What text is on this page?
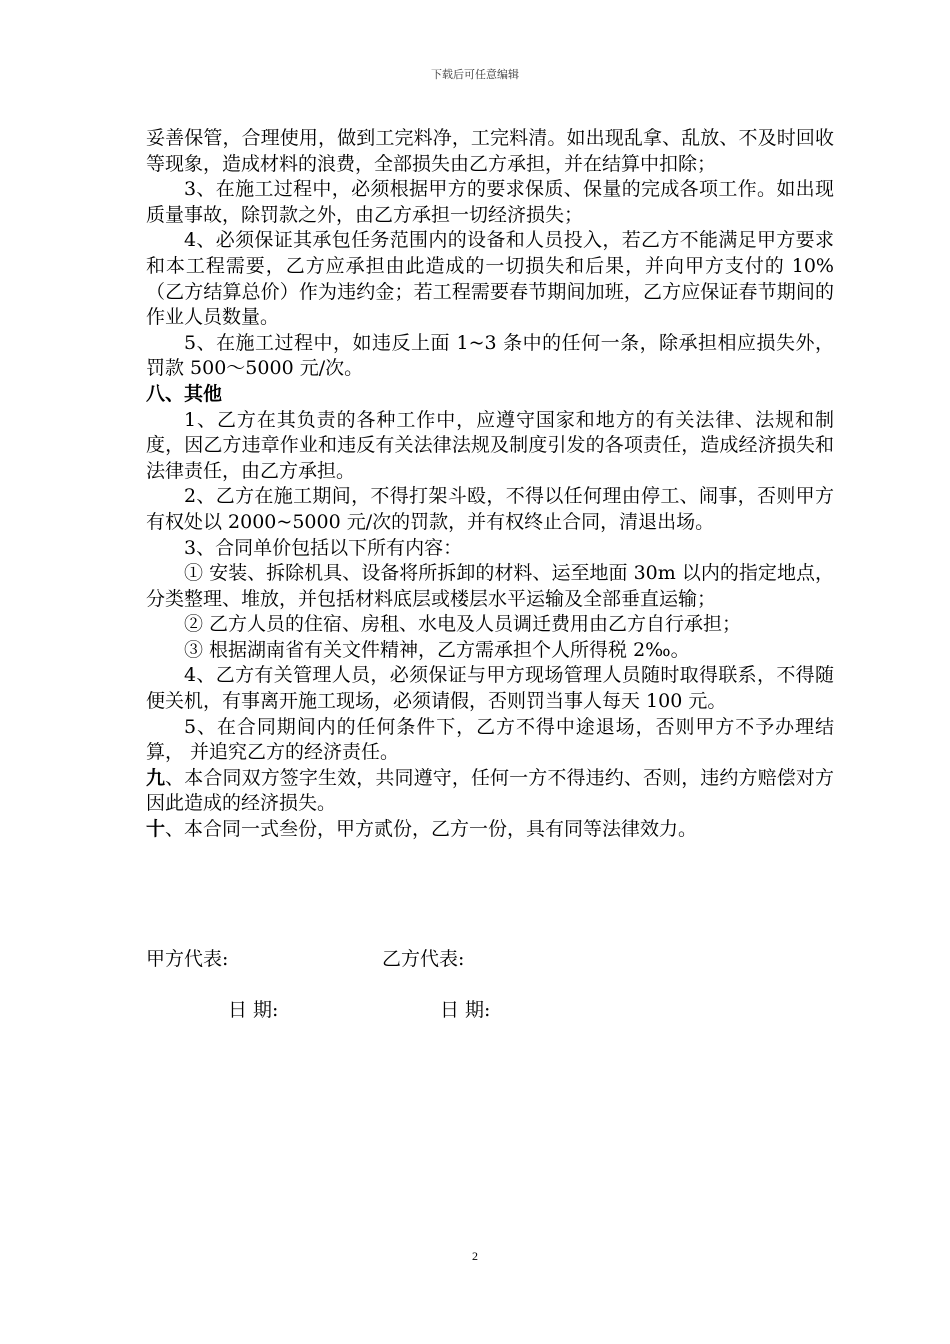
下载后可任意编辑

妥善保管，合理使用，做到工完料净，工完料清。如出现乱拿、乱放、不及时回收等现象，造成材料的浪费，全部损失由乙方承担，并在结算中扣除；

3、在施工过程中，必须根据甲方的要求保质、保量的完成各项工作。如出现质量事故，除罚款之外，由乙方承担一切经济损失；

4、必须保证其承包任务范围内的设备和人员投入，若乙方不能满足甲方要求和本工程需要，乙方应承担由此造成的一切损失和后果，并向甲方支付的 10%（乙方结算总价）作为违约金；若工程需要春节期间加班，乙方应保证春节期间的作业人员数量。

5、在施工过程中，如违反上面 1~3 条中的任何一条，除承担相应损失外，罚款 500～5000 元/次。

八、其他

1、乙方在其负责的各种工作中，应遵守国家和地方的有关法律、法规和制度，因乙方违章作业和违反有关法律法规及制度引发的各项责任，造成经济损失和法律责任，由乙方承担。

2、乙方在施工期间，不得打架斗殴，不得以任何理由停工、闹事，否则甲方有权处以 2000~5000 元/次的罚款，并有权终止合同，清退出场。

3、合同单价包括以下所有内容：

① 安装、拆除机具、设备将所拆卸的材料、运至地面 30m 以内的指定地点，分类整理、堆放，并包括材料底层或楼层水平运输及全部垂直运输；

② 乙方人员的住宿、房租、水电及人员调迁费用由乙方自行承担；

③ 根据湖南省有关文件精神，乙方需承担个人所得税 2‰。

4、乙方有关管理人员，必须保证与甲方现场管理人员随时取得联系，不得随便关机，有事离开施工现场，必须请假，否则罚当事人每天 100 元。

5、在合同期间内的任何条件下，乙方不得中途退场，否则甲方不予办理结算， 并追究乙方的经济责任。

九、本合同双方签字生效，共同遵守，任何一方不得违约、否则，违约方赔偿对方因此造成的经济损失。

十、本合同一式叁份，甲方贰份，乙方一份，具有同等法律效力。

甲方代表:	乙方代表:
日 期:	日 期:
2
